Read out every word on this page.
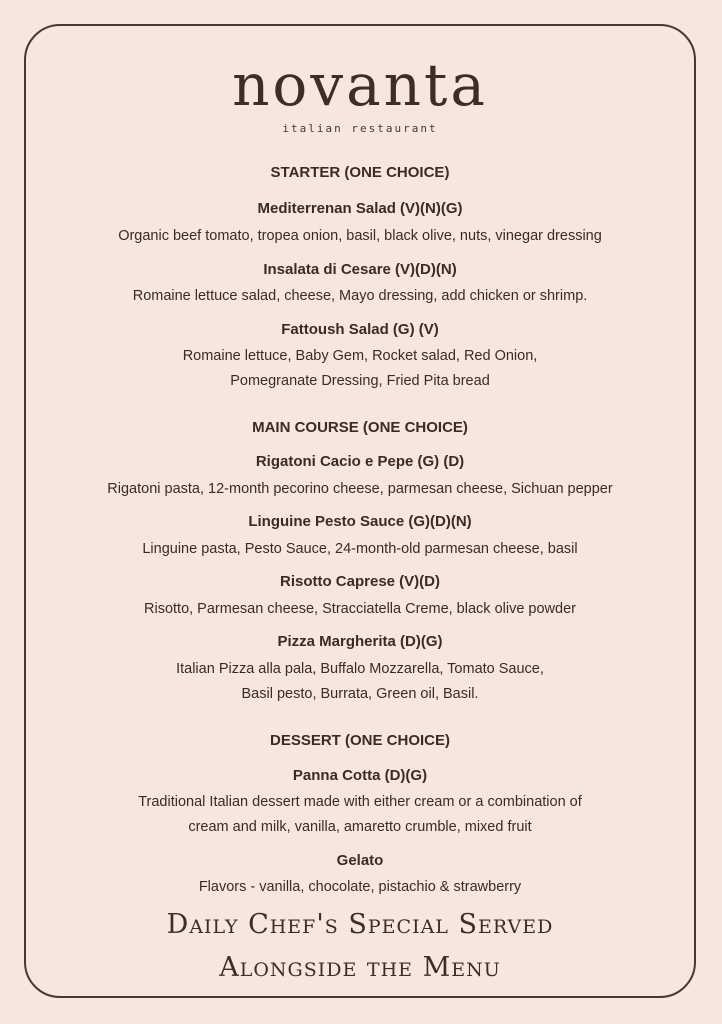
novanta
italian restaurant
STARTER (ONE CHOICE)
Mediterrenan Salad (V)(N)(G)
Organic beef tomato, tropea onion, basil, black olive, nuts, vinegar dressing
Insalata di Cesare (V)(D)(N)
Romaine lettuce salad, cheese, Mayo dressing, add chicken or shrimp.
Fattoush Salad (G) (V)
Romaine lettuce, Baby Gem, Rocket salad, Red Onion,
Pomegranate Dressing, Fried Pita bread
MAIN COURSE (ONE CHOICE)
Rigatoni Cacio e Pepe (G) (D)
Rigatoni pasta, 12-month pecorino cheese, parmesan cheese, Sichuan pepper
Linguine Pesto Sauce (G)(D)(N)
Linguine pasta, Pesto Sauce, 24-month-old parmesan cheese, basil
Risotto Caprese (V)(D)
Risotto, Parmesan cheese, Stracciatella Creme, black olive powder
Pizza Margherita (D)(G)
Italian Pizza alla pala, Buffalo Mozzarella, Tomato Sauce,
Basil pesto, Burrata, Green oil, Basil.
DESSERT (ONE CHOICE)
Panna Cotta (D)(G)
Traditional Italian dessert made with either cream or a combination of
cream and milk, vanilla, amaretto crumble, mixed fruit
Gelato
Flavors - vanilla, chocolate, pistachio & strawberry
Daily Chef's Special Served
Alongside the Menu
